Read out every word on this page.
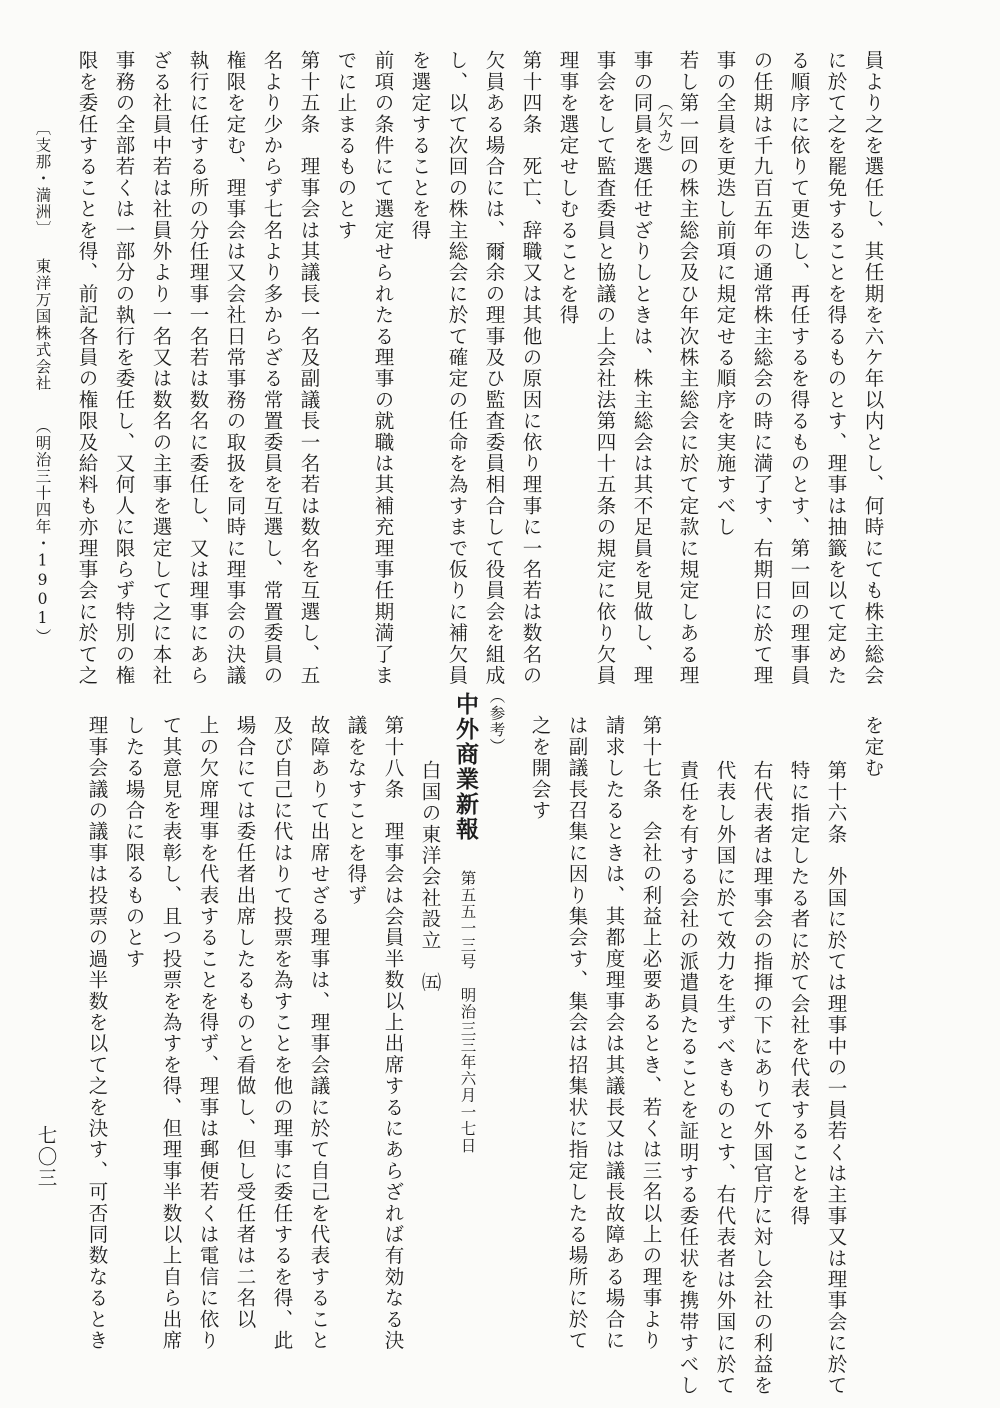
員より之を選任し、其任期を六ケ年以内とし、何時にても株主総会
に於て之を罷免することを得るものとす、理事は抽籤を以て定めた
る順序に依りて更迭し、再任するを得るものとす、第一回の理事員
の任期は千九百五年の通常株主総会の時に満了す、右期日に於て理
事の全員を更迭し前項に規定せる順序を実施すべし
若し第一回の株主総会及ひ年次株主総会に於て定款に規定しある理
（欠カ）
事の同員を選任せざりしときは、株主総会は其不足員を見做し、理
事会をして監査委員と協議の上会社法第四十五条の規定に依り欠員
理事を選定せしむることを得
第十四条　死亡、辞職又は其他の原因に依り理事に一名若は数名の
欠員ある場合には、爾余の理事及ひ監査委員相合して役員会を組成
し、以て次回の株主総会に於て確定の任命を為すまで仮りに補欠員
を選定することを得
前項の条件にて選定せられたる理事の就職は其補充理事任期満了ま
でに止まるものとす
第十五条　理事会は其議長一名及副議長一名若は数名を互選し、五
名より少からず七名より多からざる常置委員を互選し、常置委員の
権限を定む、理事会は又会社日常事務の取扱を同時に理事会の決議
執行に任する所の分任理事一名若は数名に委任し、又は理事にあら
ざる社員中若は社員外より一名又は数名の主事を選定して之に本社
事務の全部若くは一部分の執行を委任し、又何人に限らず特別の権
限を委任することを得、前記各員の権限及給料も亦理事会に於て之
〔支那・満洲〕
東洋万国株式会社
（明治三十四年・1901）
を定む
第十六条　外国に於ては理事中の一員若くは主事又は理事会に於て
特に指定したる者に於て会社を代表することを得
右代表者は理事会の指揮の下にありて外国官庁に対し会社の利益を
代表し外国に於て效力を生ずべきものとす、右代表者は外国に於て
責任を有する会社の派遣員たることを証明する委任状を携帯すべし
第十七条　会社の利益上必要あるとき、若くは三名以上の理事より
請求したるときは、其都度理事会は其議長又は議長故障ある場合に
は副議長召集に因り集会す、集会は招集状に指定したる場所に於て
之を開会す
（参考）
中外商業新報
第五五一三号　明治三三年六月一七日
白国の東洋会社設立　㈤
第十八条　理事会は会員半数以上出席するにあらざれば有効なる決
議をなすことを得ず
故障ありて出席せざる理事は、理事会議に於て自己を代表すること
及び自己に代はりて投票を為すことを他の理事に委任するを得、此
場合にては委任者出席したるものと看做し、但し受任者は二名以
上の欠席理事を代表することを得ず、理事は郵便若くは電信に依り
て其意見を表彰し、且つ投票を為すを得、但理事半数以上自ら出席
したる場合に限るものとす
理事会議の議事は投票の過半数を以て之を決す、可否同数なるとき
七〇三
